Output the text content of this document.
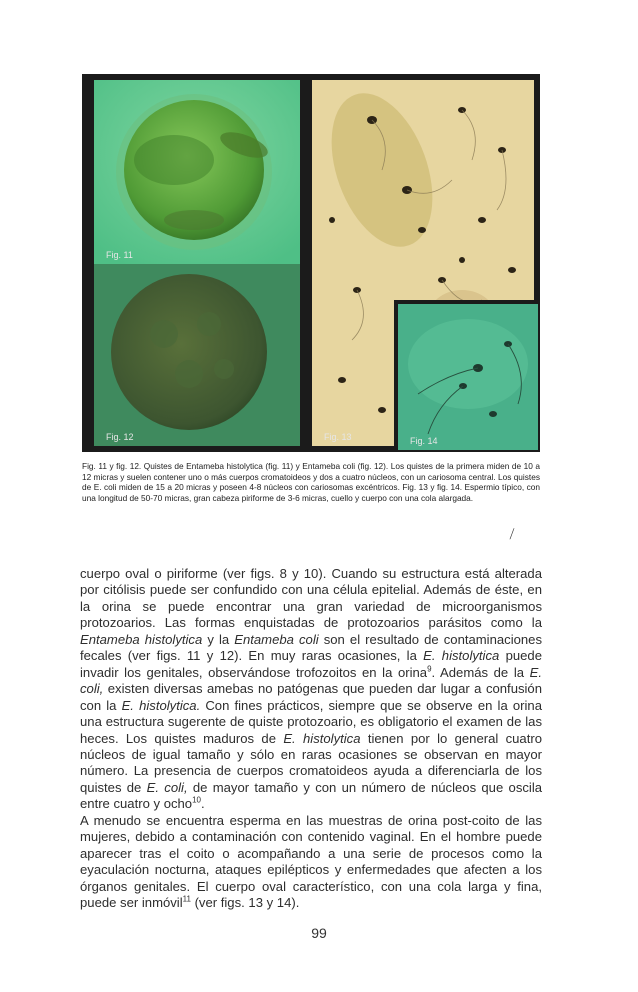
Fig. 11
Fig. 12	Fig. 13	Fig. 14
Fig. 11 y fig. 12. Quistes de Entameba histolytica (fig. 11) y Entameba coli (fig. 12). Los quistes de la primera miden de 10 a 12 micras y suelen contener uno o más cuerpos cromatoideos y dos a cuatro núcleos, con un cariosoma central. Los quistes de E. coli miden de 15 a 20 micras y poseen 4-8 núcleos con cariosomas excéntricos. Fig. 13 y fig. 14. Espermio típico, con una longitud de 50-70 micras, gran cabeza piriforme de 3-6 micras, cuello y cuerpo con una cola alargada.
⟋

cuerpo oval o piriforme (ver figs. 8 y 10). Cuando su estructura está alterada por citólisis puede ser confundido con una célula epitelial. Además de éste, en la orina se puede encontrar una gran variedad de microorganismos protozoarios. Las formas enquistadas de protozoarios parásitos como la Entameba histolytica y la Entameba coli son el resultado de contaminaciones fecales (ver figs. 11 y 12). En muy raras ocasiones, la E. histolytica puede invadir los genitales, observándose trofozoitos en la orina$^9$. Además de la E. coli, existen diversas amebas no patógenas que pueden dar lugar a confusión con la E. histolytica. Con fines prácticos, siempre que se observe en la orina una estructura sugerente de quiste protozoario, es obligatorio el examen de las heces. Los quistes maduros de E. histolytica tienen por lo general cuatro núcleos de igual tamaño y sólo en raras ocasiones se observan en mayor número. La presencia de cuerpos cromatoideos ayuda a diferenciarla de los quistes de E. coli, de mayor tamaño y con un número de núcleos que oscila entre cuatro y ocho$^{10}$.

A menudo se encuentra esperma en las muestras de orina post-coito de las mujeres, debido a contaminación con contenido vaginal. En el hombre puede aparecer tras el coito o acompañando a una serie de procesos como la eyaculación nocturna, ataques epilépticos y enfermedades que afecten a los órganos genitales. El cuerpo oval característico, con una cola larga y fina, puede ser inmóvil$^{11}$ (ver figs. 13 y 14).

99
